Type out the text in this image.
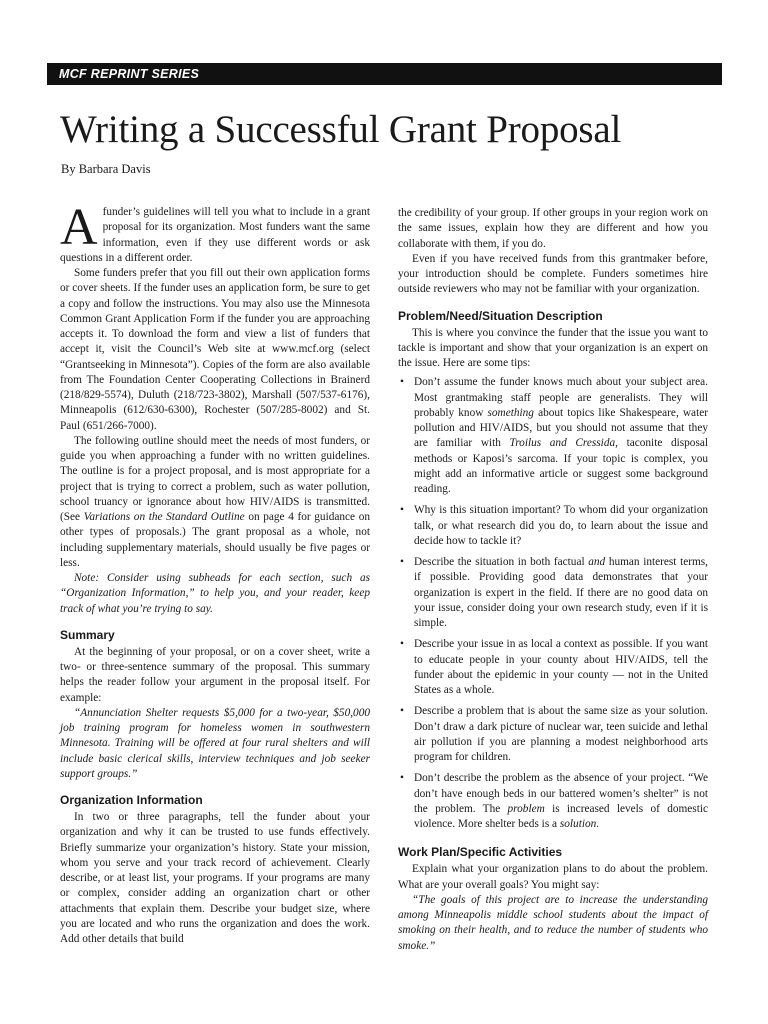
MCF REPRINT SERIES
Writing a Successful Grant Proposal
By Barbara Davis

Afunder’s guidelines will tell you what to include in a grant proposal for its organization. Most funders want the same information, even if they use different words or ask questions in a different order.

Some funders prefer that you fill out their own application forms or cover sheets. If the funder uses an application form, be sure to get a copy and follow the instructions. You may also use the Minnesota Common Grant Application Form if the funder you are approaching accepts it. To download the form and view a list of funders that accept it, visit the Council’s Web site at www.mcf.org (select “Grantseeking in Minnesota”). Copies of the form are also available from The Foundation Center Cooperating Collections in Brainerd (218/829-5574), Duluth (218/723-3802), Marshall (507/537-6176), Minneapolis (612/630-6300), Rochester (507/285-8002) and St. Paul (651/266-7000).

The following outline should meet the needs of most funders, or guide you when approaching a funder with no written guidelines. The outline is for a project proposal, and is most appropriate for a project that is trying to correct a problem, such as water pollution, school truancy or ignorance about how HIV/AIDS is transmitted. (See Variations on the Standard Outline on page 4 for guidance on other types of proposals.) The grant proposal as a whole, not including supplementary materials, should usually be five pages or less.

Note: Consider using subheads for each section, such as “Organization Information,” to help you, and your reader, keep track of what you’re trying to say.

Summary

At the beginning of your proposal, or on a cover sheet, write a two- or three-sentence summary of the proposal. This summary helps the reader follow your argument in the proposal itself. For example:

“Annunciation Shelter requests $5,000 for a two-year, $50,000 job training program for homeless women in southwestern Minnesota. Training will be offered at four rural shelters and will include basic clerical skills, interview techniques and job seeker support groups.”

Organization Information

In two or three paragraphs, tell the funder about your organization and why it can be trusted to use funds effectively. Briefly summarize your organization’s history. State your mission, whom you serve and your track record of achievement. Clearly describe, or at least list, your programs. If your programs are many or complex, consider adding an organization chart or other attachments that explain them. Describe your budget size, where you are located and who runs the organization and does the work. Add other details that build

the credibility of your group. If other groups in your region work on the same issues, explain how they are different and how you collaborate with them, if you do.

Even if you have received funds from this grantmaker before, your introduction should be complete. Funders sometimes hire outside reviewers who may not be familiar with your organization.

Problem/Need/Situation Description

This is where you convince the funder that the issue you want to tackle is important and show that your organization is an expert on the issue. Here are some tips:

• Don’t assume the funder knows much about your subject area. Most grantmaking staff people are generalists. They will probably know something about topics like Shakespeare, water pollution and HIV/AIDS, but you should not assume that they are familiar with Troilus and Cressida, taconite disposal methods or Kaposi’s sarcoma. If your topic is complex, you might add an informative article or suggest some background reading.
• Why is this situation important? To whom did your organization talk, or what research did you do, to learn about the issue and decide how to tackle it?
• Describe the situation in both factual and human interest terms, if possible. Providing good data demonstrates that your organization is expert in the field. If there are no good data on your issue, consider doing your own research study, even if it is simple.
• Describe your issue in as local a context as possible. If you want to educate people in your county about HIV/AIDS, tell the funder about the epidemic in your county — not in the United States as a whole.
• Describe a problem that is about the same size as your solution. Don’t draw a dark picture of nuclear war, teen suicide and lethal air pollution if you are planning a modest neighborhood arts program for children.
• Don’t describe the problem as the absence of your project. “We don’t have enough beds in our battered women’s shelter” is not the problem. The problem is increased levels of domestic violence. More shelter beds is a solution.
Work Plan/Specific Activities

Explain what your organization plans to do about the problem. What are your overall goals? You might say:

“The goals of this project are to increase the understanding among Minneapolis middle school students about the impact of smoking on their health, and to reduce the number of students who smoke.”
